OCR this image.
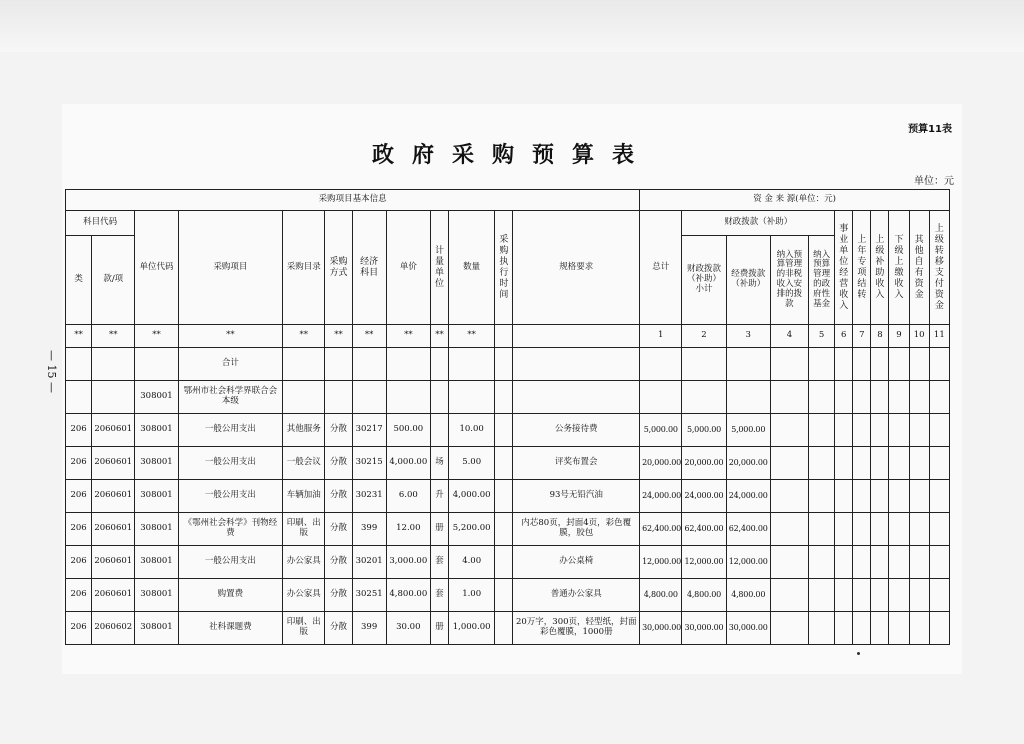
预算11表
政府采购预算表
单位：元
— 15 —
采购项目基本信息												资 金 来 源(单位：元)										
科目代码		单位代码	采购项目	采购目录	采购方式	经济科目	单价	计量单位	数量	采购执行时间	规格要求	总计	财政拨款（补助）				事业单位经营收入	上年专项结转	上级补助收入	下级上缴收入	其他自有资金	上级转移支付资金
类	款/项												财政拨款（补助）小计	经费拨款（补助）	纳入预算管理的非税收入安排的拨款	纳入预算管理的政府性基金						
**	**	**	**	**	**	**	**	**	**			1	2	3	4	5	6	7	8	9	10	11
			合计																			
		308001	鄂州市社会科学界联合会本级																			
206	2060601	308001	一般公用支出	其他服务	分散	30217	500.00		10.00		公务接待费	5,000.00	5,000.00	5,000.00								
206	2060601	308001	一般公用支出	一般会议	分散	30215	4,000.00	场	5.00		评奖布置会	20,000.00	20,000.00	20,000.00								
206	2060601	308001	一般公用支出	车辆加油	分散	30231	6.00	升	4,000.00		93号无铅汽油	24,000.00	24,000.00	24,000.00								
206	2060601	308001	《鄂州社会科学》刊物经费	印刷、出版	分散	399	12.00	册	5,200.00		内芯80页，封面4页，彩色覆膜，胶包	62,400.00	62,400.00	62,400.00								
206	2060601	308001	一般公用支出	办公家具	分散	30201	3,000.00	套	4.00		办公桌椅	12,000.00	12,000.00	12,000.00								
206	2060601	308001	购置费	办公家具	分散	30251	4,800.00	套	1.00		普通办公家具	4,800.00	4,800.00	4,800.00								
206	2060602	308001	社科课题费	印刷、出版	分散	399	30.00	册	1,000.00		20万字，300页，轻型纸，封面彩色覆膜，1000册	30,000.00	30,000.00	30,000.00								
